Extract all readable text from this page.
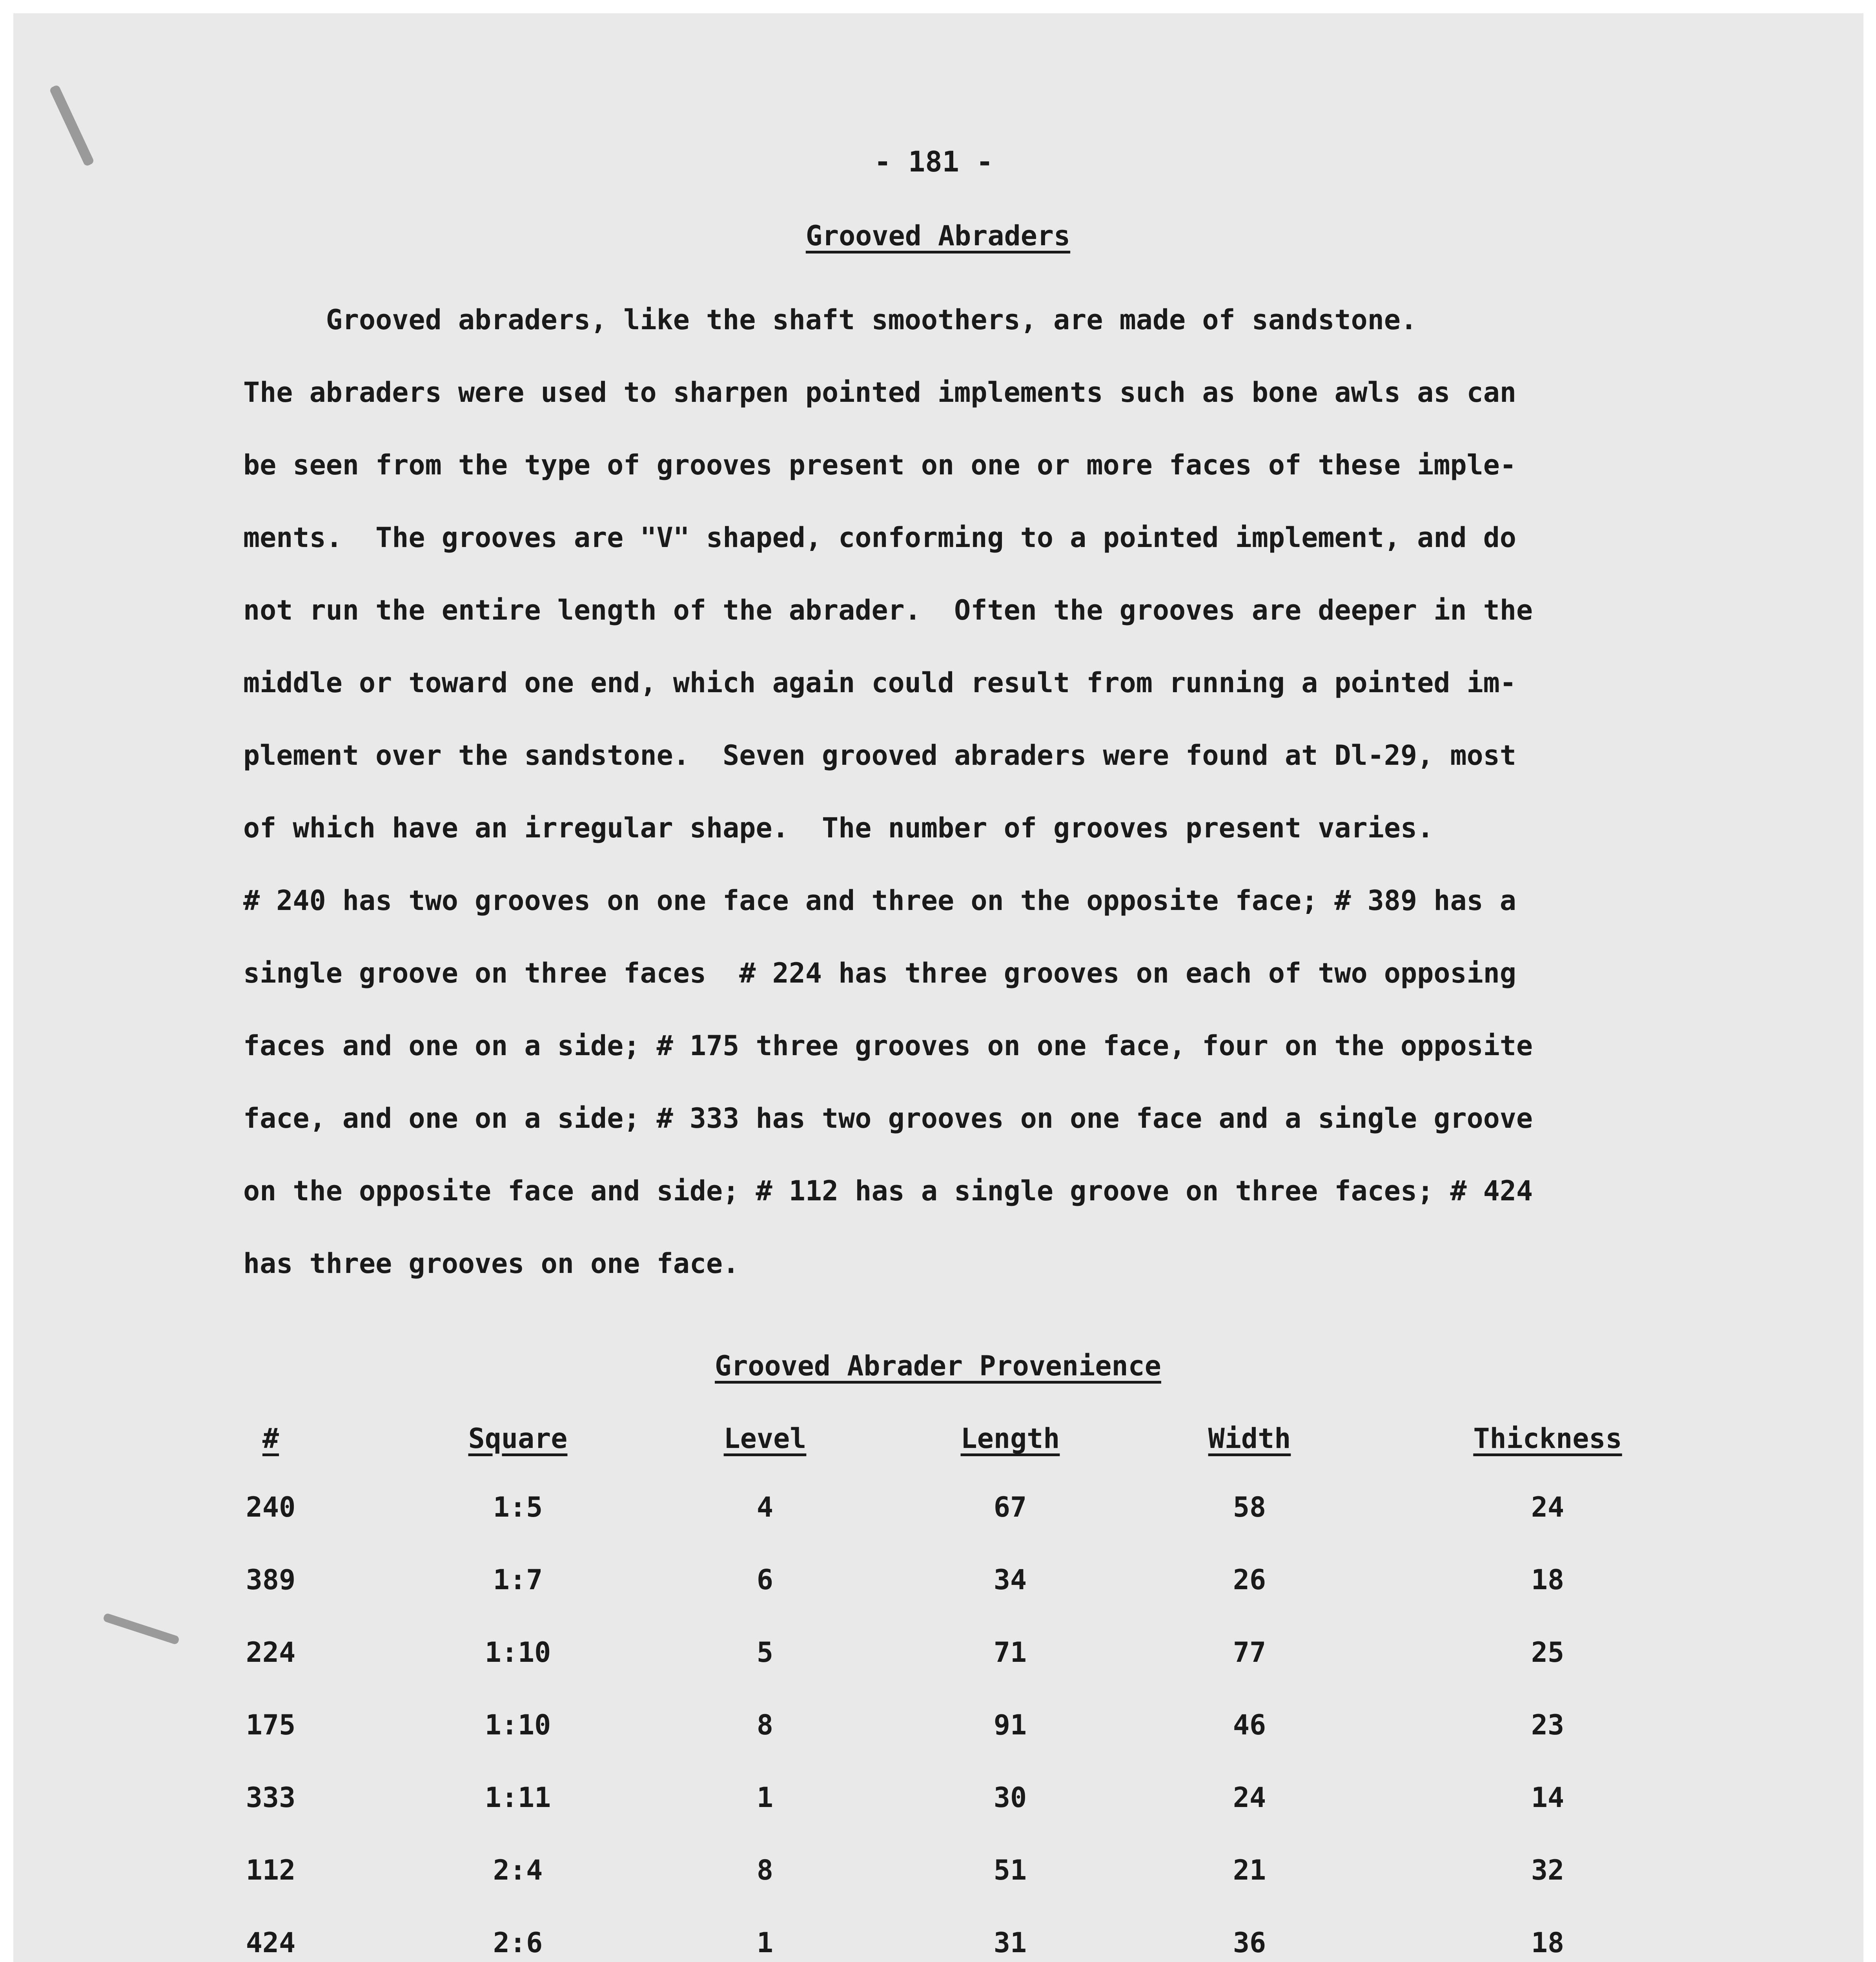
- 181 -
Grooved Abraders
Grooved abraders, like the shaft smoothers, are made of sandstone.
The abraders were used to sharpen pointed implements such as bone awls as can
be seen from the type of grooves present on one or more faces of these imple-
ments.  The grooves are "V" shaped, conforming to a pointed implement, and do
not run the entire length of the abrader.  Often the grooves are deeper in the
middle or toward one end, which again could result from running a pointed im-
plement over the sandstone.  Seven grooved abraders were found at Dl-29, most
of which have an irregular shape.  The number of grooves present varies.
# 240 has two grooves on one face and three on the opposite face; # 389 has a
single groove on three faces  # 224 has three grooves on each of two opposing
faces and one on a side; # 175 three grooves on one face, four on the opposite
face, and one on a side; # 333 has two grooves on one face and a single groove
on the opposite face and side; # 112 has a single groove on three faces; # 424
has three grooves on one face.
Grooved Abrader Provenience
#	Square	Level	Length	Width	Thickness
240	1:5	4	67	58	24
389	1:7	6	34	26	18
224	1:10	5	71	77	25
175	1:10	8	91	46	23
333	1:11	1	30	24	14
112	2:4	8	51	21	32
424	2:6	1	31	36	18
